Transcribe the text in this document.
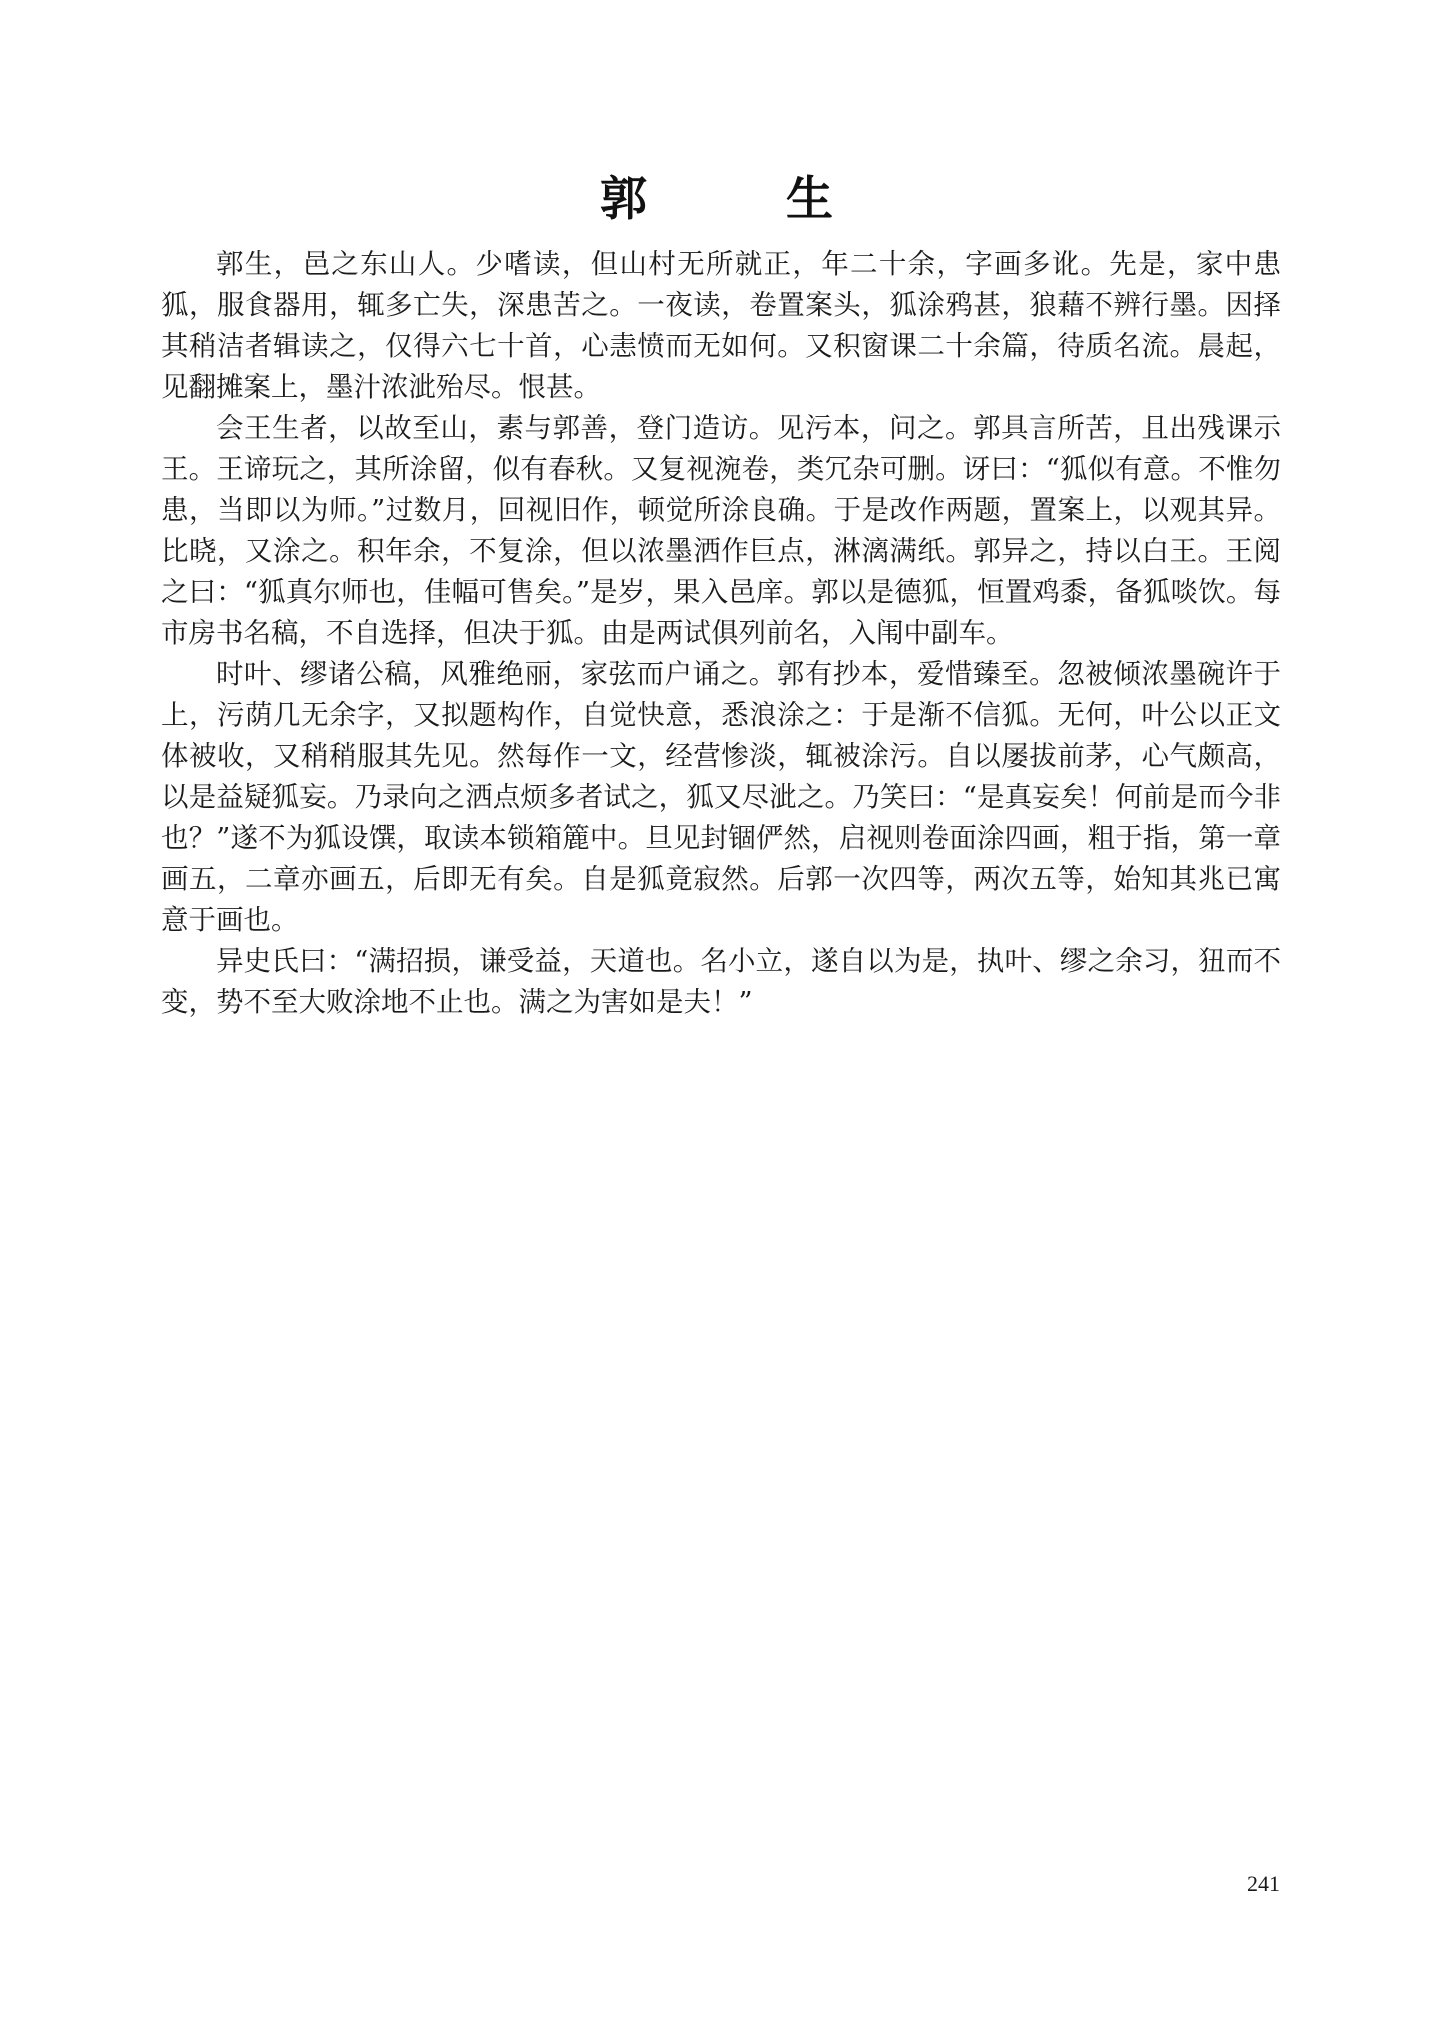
郭　生

郭生，邑之东山人。少嗜读，但山村无所就正，年二十余，字画多讹。先是，家中患狐，服食器用，辄多亡失，深患苦之。一夜读，卷置案头，狐涂鸦甚，狼藉不辨行墨。因择其稍洁者辑读之，仅得六七十首，心恚愤而无如何。又积窗课二十余篇，待质名流。晨起，见翻摊案上，墨汁浓泚殆尽。恨甚。

会王生者，以故至山，素与郭善，登门造访。见污本，问之。郭具言所苦，且出残课示王。王谛玩之，其所涂留，似有春秋。又复视涴卷，类冗杂可删。讶曰：“狐似有意。不惟勿患，当即以为师。”过数月，回视旧作，顿觉所涂良确。于是改作两题，置案上，以观其异。比晓，又涂之。积年余，不复涂，但以浓墨洒作巨点，淋漓满纸。郭异之，持以白王。王阅之曰：“狐真尔师也，佳幅可售矣。”是岁，果入邑庠。郭以是德狐，恒置鸡黍，备狐啖饮。每市房书名稿，不自选择，但决于狐。由是两试俱列前名，入闱中副车。

时叶、缪诸公稿，风雅绝丽，家弦而户诵之。郭有抄本，爱惜臻至。忽被倾浓墨碗许于上，污荫几无余字，又拟题构作，自觉快意，悉浪涂之：于是渐不信狐。无何，叶公以正文体被收，又稍稍服其先见。然每作一文，经营惨淡，辄被涂污。自以屡拔前茅，心气颇高，以是益疑狐妄。乃录向之洒点烦多者试之，狐又尽泚之。乃笑曰：“是真妄矣！何前是而今非也？”遂不为狐设馔，取读本锁箱簏中。旦见封锢俨然，启视则卷面涂四画，粗于指，第一章画五，二章亦画五，后即无有矣。自是狐竟寂然。后郭一次四等，两次五等，始知其兆已寓意于画也。

异史氏曰：“满招损，谦受益，天道也。名小立，遂自以为是，执叶、缪之余习，狃而不变，势不至大败涂地不止也。满之为害如是夫！”

241
